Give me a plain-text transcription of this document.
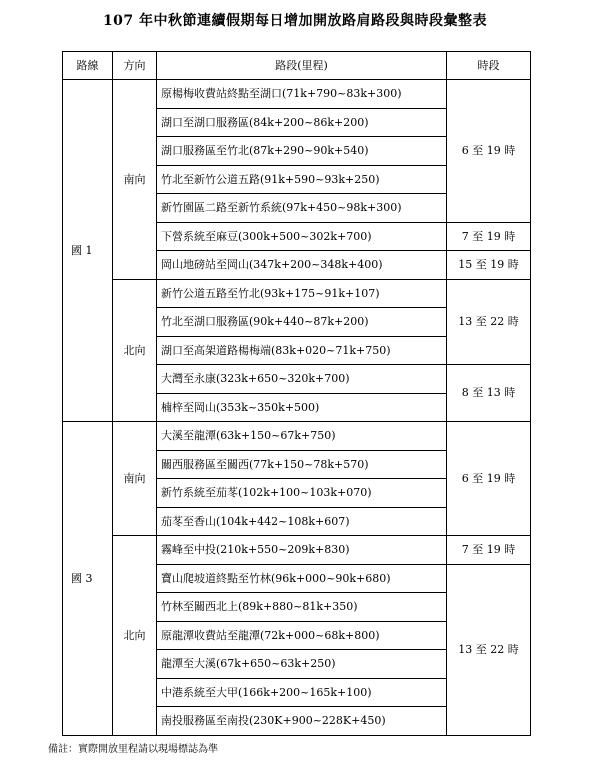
107 年中秋節連續假期每日增加開放路肩路段與時段彙整表
路線	方向	路段(里程)	時段
國 1	南向	原楊梅收費站終點至湖口(71k+790~83k+300)	6 至 19 時
		湖口至湖口服務區(84k+200~86k+200)	
		湖口服務區至竹北(87k+290~90k+540)	
		竹北至新竹公道五路(91k+590~93k+250)	
		新竹園區二路至新竹系統(97k+450~98k+300)	
		下營系統至麻豆(300k+500~302k+700)	7 至 19 時
		岡山地磅站至岡山(347k+200~348k+400)	15 至 19 時
	北向	新竹公道五路至竹北(93k+175~91k+107)	13 至 22 時
		竹北至湖口服務區(90k+440~87k+200)	
		湖口至高架道路楊梅端(83k+020~71k+750)	
		大灣至永康(323k+650~320k+700)	8 至 13 時
		楠梓至岡山(353k~350k+500)	
國 3	南向	大溪至龍潭(63k+150~67k+750)	6 至 19 時
		關西服務區至關西(77k+150~78k+570)	
		新竹系統至茄苳(102k+100~103k+070)	
		茄苳至香山(104k+442~108k+607)	
	北向	霧峰至中投(210k+550~209k+830)	7 至 19 時
		寶山爬坡道終點至竹林(96k+000~90k+680)	13 至 22 時
		竹林至關西北上(89k+880~81k+350)	
		原龍潭收費站至龍潭(72k+000~68k+800)	
		龍潭至大溪(67k+650~63k+250)	
		中港系統至大甲(166k+200~165k+100)	
		南投服務區至南投(230K+900~228K+450)	
備註：實際開放里程請以現場標誌為準
